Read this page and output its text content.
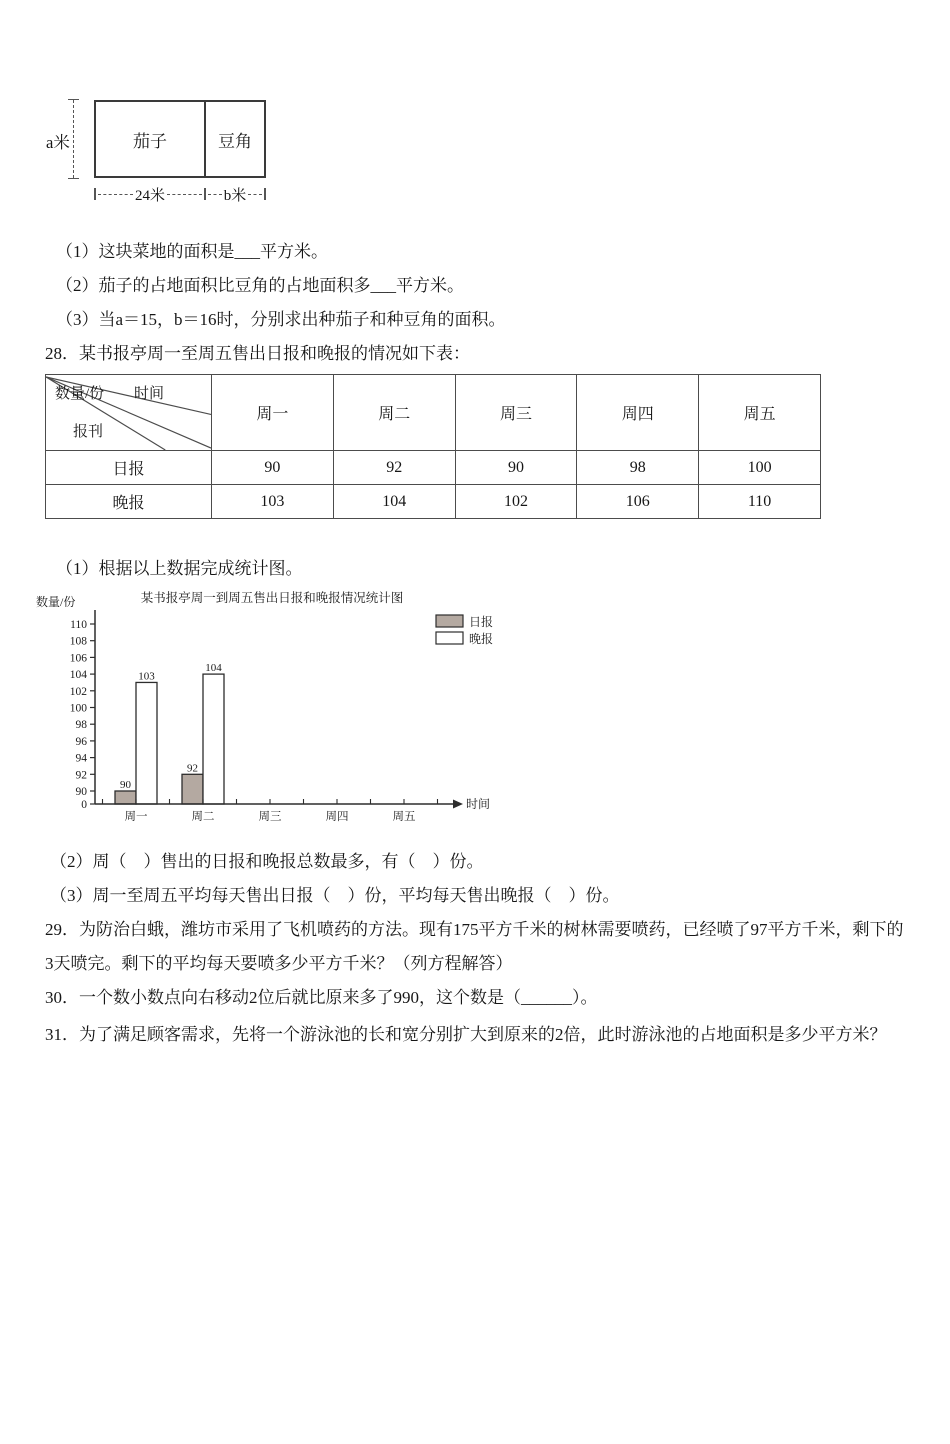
a米	茄子	豆角
24米	b米

（1）这块菜地的面积是___平方米。

（2）茄子的占地面积比豆角的占地面积多___平方米。

（3）当a＝15，b＝16时，分别求出种茄子和种豆角的面积。

28．某书报亭周一至周五售出日报和晚报的情况如下表：

数量/份 时间
报刊	周一	周二	周三	周四	周五
日报	90	92	90	98	100
晚报	103	104	102	106	110

（1）根据以上数据完成统计图。

90
92
103
104
时间
数量/份	某书报亭周一到周五售出日报和晚报情况统计图
110
108
106
104
102
100
98
96
94
92
90
0
周一	周二	周三	周四	周五
日报
晚报

（2）周（　）售出的日报和晚报总数最多，有（　）份。

（3）周一至周五平均每天售出日报（　）份，平均每天售出晚报（　）份。

29．为防治白蛾，潍坊市采用了飞机喷药的方法。现有175平方千米的树林需要喷药，已经喷了97平方千米，剩下的

3天喷完。剩下的平均每天要喷多少平方千米？（列方程解答）

30．一个数小数点向右移动2位后就比原来多了990，这个数是（______）。

31．为了满足顾客需求，先将一个游泳池的长和宽分别扩大到原来的2倍，此时游泳池的占地面积是多少平方米？
